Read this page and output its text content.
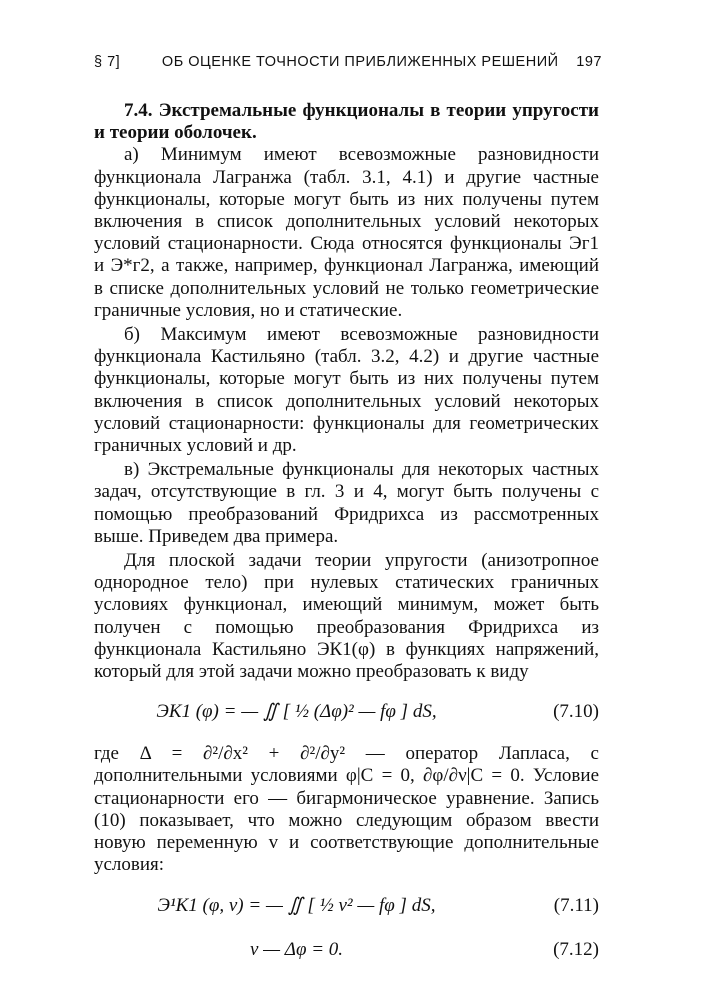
§ 7]	ОБ ОЦЕНКЕ ТОЧНОСТИ ПРИБЛИЖЕННЫХ РЕШЕНИЙ	197

7.4. Экстремальные функционалы в теории упругости и теории оболочек.

а) Минимум имеют всевозможные разновидности функционала Лагранжа (табл. 3.1, 4.1) и другие частные функционалы, которые могут быть из них получены путем включения в список дополнительных условий некоторых условий стационарности. Сюда относятся функционалы Эг1 и Э*г2, а также, например, функционал Лагранжа, имеющий в списке дополнительных условий не только геометрические граничные условия, но и статические.

б) Максимум имеют всевозможные разновидности функционала Кастильяно (табл. 3.2, 4.2) и другие частные функционалы, которые могут быть из них получены путем включения в список дополнительных условий некоторых условий стационарности: функционалы для геометрических граничных условий и др.

в) Экстремальные функционалы для некоторых частных задач, отсутствующие в гл. 3 и 4, могут быть получены с помощью преобразований Фридрихса из рассмотренных выше. Приведем два примера.

Для плоской задачи теории упругости (анизотропное однородное тело) при нулевых статических граничных условиях функционал, имеющий минимум, может быть получен с помощью преобразования Фридрихса из функционала Кастильяно ЭК1(φ) в функциях напряжений, который для этой задачи можно преобразовать к виду

ЭК1 (φ) = — ∬ [ ½ (Δφ)² — fφ ] dS,	(7.10)

где Δ = ∂²/∂x² + ∂²/∂y² — оператор Лапласа, с дополнительными условиями φ|C = 0, ∂φ/∂ν|C = 0. Условие стационарности его — бигармоническое уравнение. Запись (10) показывает, что можно следующим образом ввести новую переменную v и соответствующие дополнительные условия:

Э¹К1 (φ, v) = — ∬ [ ½ v² — fφ ] dS,	(7.11)
v — Δφ = 0.	(7.12)
